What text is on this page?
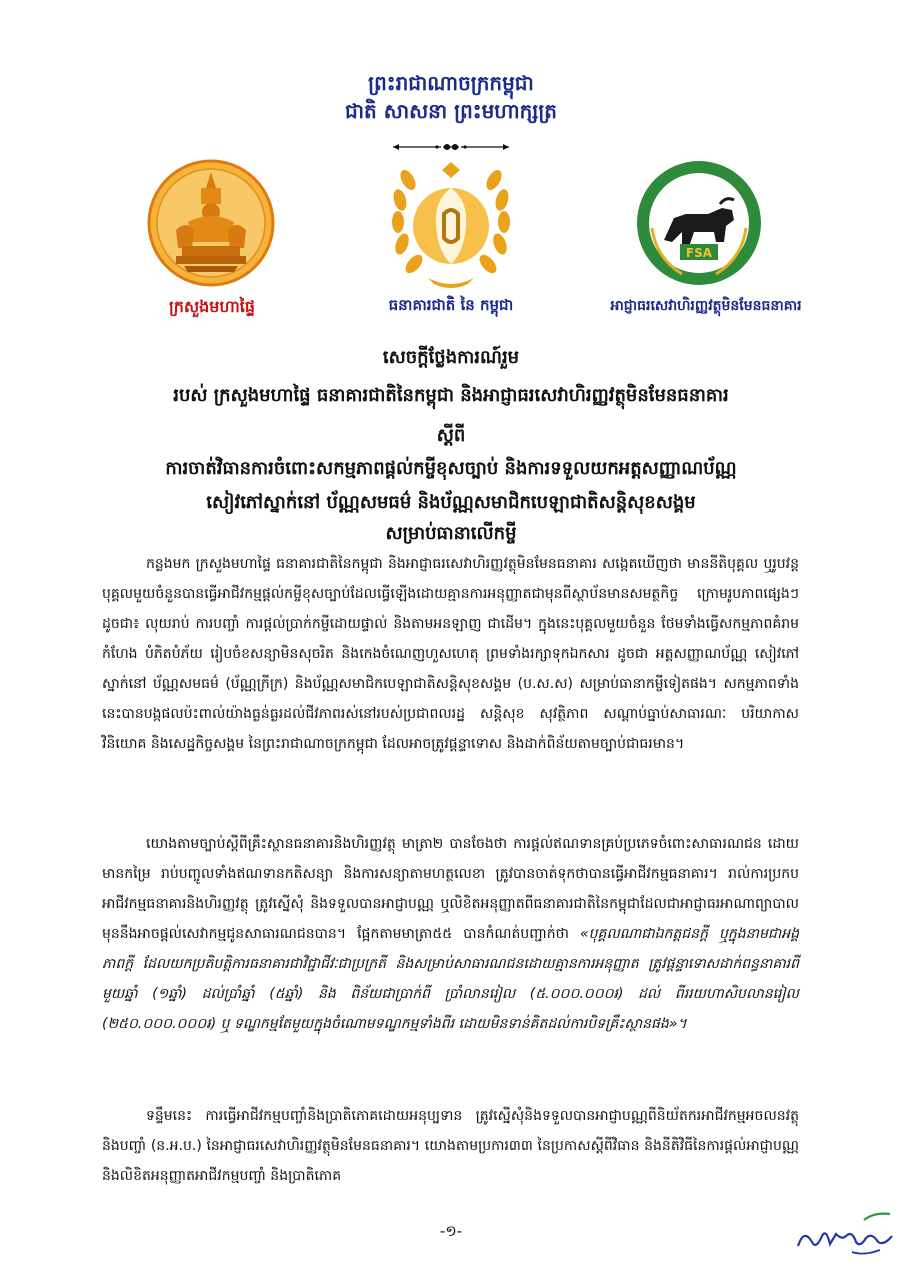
ព្រះរាជាណាចក្រកម្ពុជា
ជាតិ សាសនា ព្រះមហាក្សត្រ
FSA
ក្រសួងមហាផ្ទៃ	ធនាគារជាតិ នៃ កម្ពុជា	អាជ្ញាធរសេវាហិរញ្ញវត្ថុមិនមែនធនាគារ
សេចក្តីថ្លែងការណ៍រួម
របស់ ក្រសួងមហាផ្ទៃ ធនាគារជាតិនៃកម្ពុជា និងអាជ្ញាធរសេវាហិរញ្ញវត្ថុមិនមែនធនាគារ
ស្តីពី
ការចាត់វិធានការចំពោះសកម្មភាពផ្តល់កម្ចីខុសច្បាប់ និងការទទួលយកអត្តសញ្ញាណប័ណ្ណ
សៀវភៅស្នាក់នៅ ប័ណ្ណសមធម៌ និងប័ណ្ណសមាជិកបេឡាជាតិសន្តិសុខសង្គម
សម្រាប់ធានាលើកម្ចី

កន្លងមក ក្រសួងមហាផ្ទៃ ធនាគារជាតិនៃកម្ពុជា និងអាជ្ញាធរសេវាហិរញ្ញវត្ថុមិនមែនធនាគារ សង្កេតឃើញថា មាននីតិបុគ្គល ឬរូបវន្តបុគ្គលមួយចំនួនបានធ្វើអាជីវកម្មផ្តល់កម្ចីខុសច្បាប់ដែលធ្វើឡើងដោយគ្មានការអនុញ្ញាតជាមុនពីស្ថាប័នមានសមត្ថកិច្ច ក្រោមរូបភាពផ្សេងៗដូចជា៖ លុយរាប់ ការបញ្ចាំ ការផ្តល់ប្រាក់កម្ចីដោយផ្ទាល់ និងតាមអនឡាញ ជាដើម។ ក្នុងនេះបុគ្គលមួយចំនួន ថែមទាំងធ្វើសកម្មភាពគំរាមកំហែង បំភិតបំភ័យ រៀបចំខសន្យាមិនសុចរិត និងកេងចំណេញហួសហេតុ ព្រមទាំងរក្សាទុកឯកសារ ដូចជា អត្តសញ្ញាណប័ណ្ណ សៀវភៅស្នាក់នៅ ប័ណ្ណសមធម៌ (ប័ណ្ណក្រីក្រ) និងប័ណ្ណសមាជិកបេឡាជាតិសន្តិសុខសង្គម (ប.ស.ស) សម្រាប់ធានាកម្ចីទៀតផង។ សកម្មភាពទាំងនេះបានបង្កផលប៉ះពាល់យ៉ាងធ្ងន់ធ្ងរដល់ជីវភាពរស់នៅរបស់ប្រជាពលរដ្ឋ សន្តិសុខ សុវត្ថិភាព សណ្តាប់ធ្នាប់សាធារណៈ បរិយាកាសវិនិយោគ និងសេដ្ឋកិច្ចសង្គម នៃព្រះរាជាណាចក្រកម្ពុជា ដែលអាចត្រូវផ្តន្ទាទោស និងដាក់ពិន័យតាមច្បាប់ជាធរមាន។

យោងតាមច្បាប់ស្តីពីគ្រឹះស្ថានធនាគារនិងហិរញ្ញវត្ថុ មាត្រា២ បានចែងថា ការផ្តល់ឥណទានគ្រប់ប្រភេទចំពោះសាធារណជន ដោយមានកម្រៃ រាប់បញ្ចូលទាំងឥណទានកតិសន្យា និងការសន្យាតាមហត្ថលេខា ត្រូវបានចាត់ទុកថាបានធ្វើអាជីវកម្មធនាគារ។ រាល់ការប្រកបអាជីវកម្មធនាគារនិងហិរញ្ញវត្ថុ ត្រូវស្នើសុំ និងទទួលបានអាជ្ញាបណ្ណ ឬលិខិតអនុញ្ញាតពីធនាគារជាតិនៃកម្ពុជាដែលជាអាជ្ញាធរអាណាព្យាបាល មុននឹងអាចផ្តល់សេវាកម្មជូនសាធារណជនបាន។ ផ្អែកតាមមាត្រា៥៥ បានកំណត់បញ្ជាក់ថា «បុគ្គលណាជាឯកត្តជនក្តី ឬក្នុងនាមជាអង្គភាពក្តី ដែលយកប្រតិបត្តិការធនាគារជាវិជ្ជាជីវៈជាប្រក្រតី និងសម្រាប់សាធារណជនដោយគ្មានការអនុញ្ញាត ត្រូវផ្តន្ទាទោសដាក់ពន្ធនាគារពី មួយឆ្នាំ (១ឆ្នាំ) ដល់ប្រាំឆ្នាំ (៥ឆ្នាំ) និង ពិន័យជាប្រាក់ពី ប្រាំលានរៀល (៥.០០០.០០០៛) ដល់ ពីររយហាសិបលានរៀល (២៥០.០០០.០០០៛) ឬ ទណ្ឌកម្មតែមួយក្នុងចំណោមទណ្ឌកម្មទាំងពីរ ដោយមិនទាន់គិតដល់ការបិទគ្រឹះស្ថានផង»។

ទន្ទឹមនេះ ការធ្វើអាជីវកម្មបញ្ចាំនិងប្រាតិភោគដោយអនុប្បទាន ត្រូវស្នើសុំនិងទទួលបានអាជ្ញាបណ្ណពីនិយ័តករអាជីវកម្មអចលនវត្ថុនិងបញ្ចាំ (ន.អ.ប.) នៃអាជ្ញាធរសេវាហិរញ្ញវត្ថុមិនមែនធនាគារ។ យោងតាមប្រការ៣៣ នៃប្រកាសស្តីពីវិធាន និងនីតិវិធីនៃការផ្តល់អាជ្ញាបណ្ណ និងលិខិតអនុញ្ញាតអាជីវកម្មបញ្ចាំ និងប្រាតិភោគ

-១-
